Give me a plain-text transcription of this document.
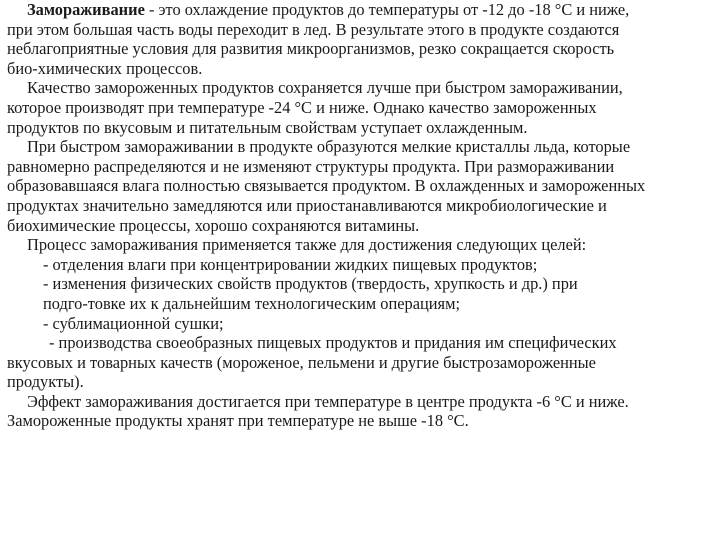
Замораживание - это охлаждение продуктов до температуры от -12 до -18 °С и ниже,
при этом большая часть воды переходит в лед. В результате этого в продукте создаются
неблагоприятные условия для развития микроорганизмов, резко сокращается скорость
био-химических процессов.
Качество замороженных продуктов сохраняется лучше при быстром замораживании,
которое производят при температуре -24 °С и ниже. Однако качество замороженных
продуктов по вкусовым и питательным свойствам уступает охлажденным.
При быстром замораживании в продукте образуются мелкие кристаллы льда, которые
равномерно распределяются и не изменяют структуры продукта. При размораживании
образовавшаяся влага полностью связывается продуктом. В охлажденных и замороженных
продуктах значительно замедляются или приостанавливаются микробиологические и
биохимические процессы, хорошо сохраняются витамины.
Процесс замораживания применяется также для достижения следующих целей:
- отделения влаги при концентрировании жидких пищевых продуктов;
- изменения физических свойств продуктов (твердость, хрупкость и др.) при
подго-товке их к дальнейшим технологическим операциям;
- сублимационной сушки;
- производства своеобразных пищевых продуктов и придания им специфических
вкусовых и товарных качеств (мороженое, пельмени и другие быстрозамороженные
продукты).
Эффект замораживания достигается при температуре в центре продукта -6 °С и ниже.
Замороженные продукты хранят при температуре не выше -18 °С.
